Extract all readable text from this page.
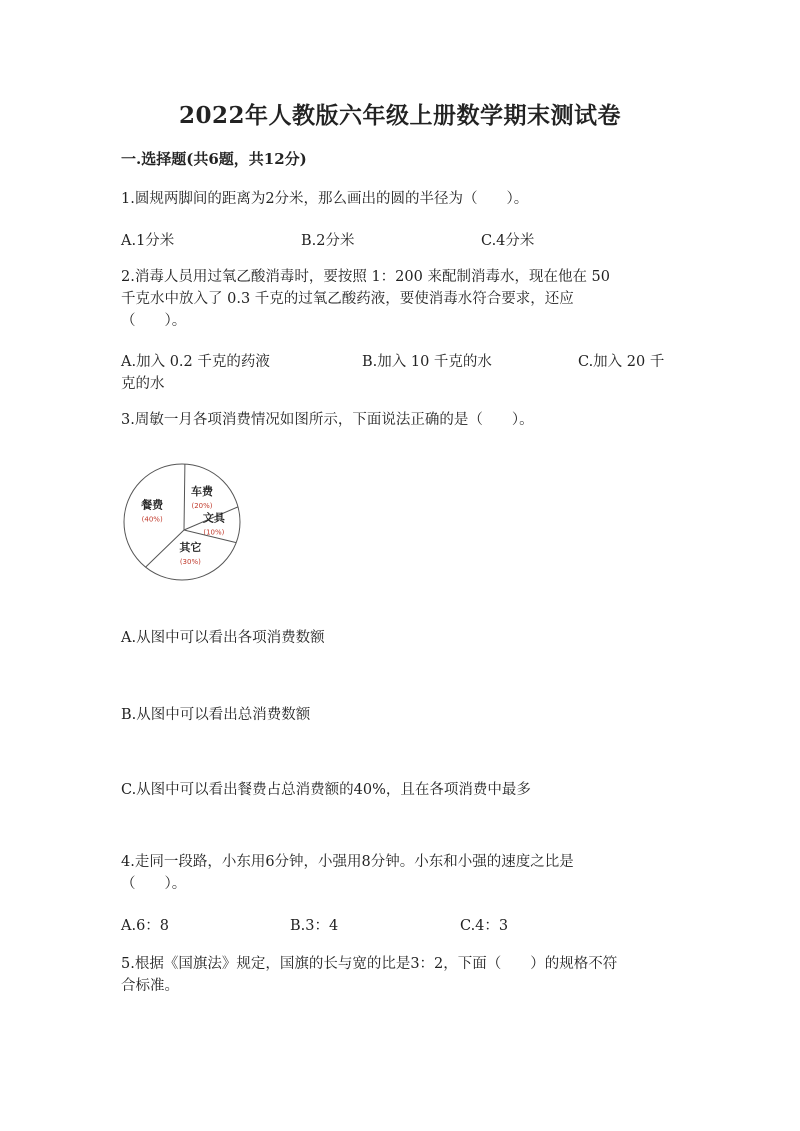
2022年人教版六年级上册数学期末测试卷
一.选择题(共6题，共12分)
1.圆规两脚间的距离为2分米，那么画出的圆的半径为（　　）。
A.1分米	B.2分米	C.4分米
2.消毒人员用过氧乙酸消毒时，要按照 1：200 来配制消毒水，现在他在 50
千克水中放入了 0.3 千克的过氧乙酸药液，要使消毒水符合要求，还应
（　　）。
A.加入 0.2 千克的药液	B.加入 10 千克的水	C.加入 20 千
克的水
3.周敏一月各项消费情况如图所示，下面说法正确的是（　　）。
车费
(20%)
文具
(10%)
其它
(30%)
餐费
(40%)
A.从图中可以看出各项消费数额
B.从图中可以看出总消费数额
C.从图中可以看出餐费占总消费额的40%，且在各项消费中最多
4.走同一段路，小东用6分钟，小强用8分钟。小东和小强的速度之比是
（　　）。
A.6：8	B.3：4	C.4：3
5.根据《国旗法》规定，国旗的长与宽的比是3：2，下面（　　）的规格不符
合标准。
